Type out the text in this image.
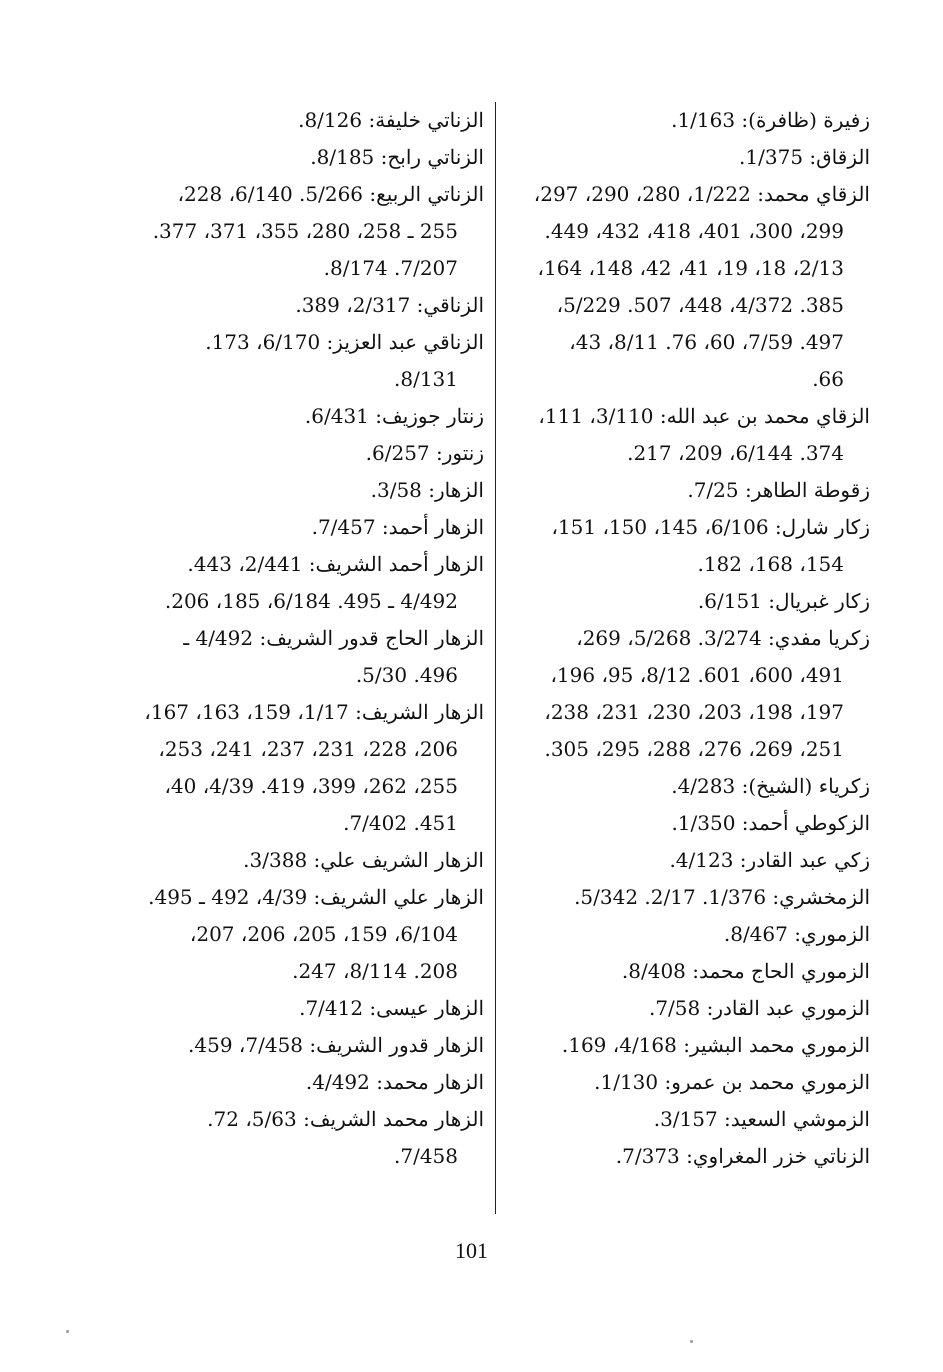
زفيرة (ظافرة): 1/163.
الزقاق: 1/375.
الزقاي محمد: 1/222، 280، 290، 297،
299، 300، 401، 418، 432، 449.
2/13، 18، 19، 41، 42، 148، 164،
385. 4/372، 448، 507. 5/229،
497. 7/59، 60، 76. 8/11، 43،
66.
الزقاي محمد بن عبد الله: 3/110، 111،
374. 6/144، 209، 217.
زقوطة الطاهر: 7/25.
زكار شارل: 6/106، 145، 150، 151،
154، 168، 182.
زكار غبريال: 6/151.
زكريا مفدي: 3/274. 5/268، 269،
491، 600، 601. 8/12، 95، 196،
197، 198، 203، 230، 231، 238،
251، 269، 276، 288، 295، 305.
زكرياء (الشيخ): 4/283.
الزكوطي أحمد: 1/350.
زكي عبد القادر: 4/123.
الزمخشري: 1/376. 2/17. 5/342.
الزموري: 8/467.
الزموري الحاج محمد: 8/408.
الزموري عبد القادر: 7/58.
الزموري محمد البشير: 4/168، 169.
الزموري محمد بن عمرو: 1/130.
الزموشي السعيد: 3/157.
الزناتي خزر المغراوي: 7/373.
الزناتي خليفة: 8/126.
الزناتي رابح: 8/185.
الزناتي الربيع: 5/266. 6/140، 228،
255 ـ 258، 280، 355، 371، 377.
7/207. 8/174.
الزناقي: 2/317، 389.
الزناقي عبد العزيز: 6/170، 173.
8/131.
زنتار جوزيف: 6/431.
زنتور: 6/257.
الزهار: 3/58.
الزهار أحمد: 7/457.
الزهار أحمد الشريف: 2/441، 443.
4/492 ـ 495. 6/184، 185، 206.
الزهار الحاج قدور الشريف: 4/492 ـ
496. 5/30.
الزهار الشريف: 1/17، 159، 163، 167،
206، 228، 231، 237، 241، 253،
255، 262، 399، 419. 4/39، 40،
451. 7/402.
الزهار الشريف علي: 3/388.
الزهار علي الشريف: 4/39، 492 ـ 495.
6/104، 159، 205، 206، 207،
208. 8/114، 247.
الزهار عيسى: 7/412.
الزهار قدور الشريف: 7/458، 459.
الزهار محمد: 4/492.
الزهار محمد الشريف: 5/63، 72.
7/458.
101
